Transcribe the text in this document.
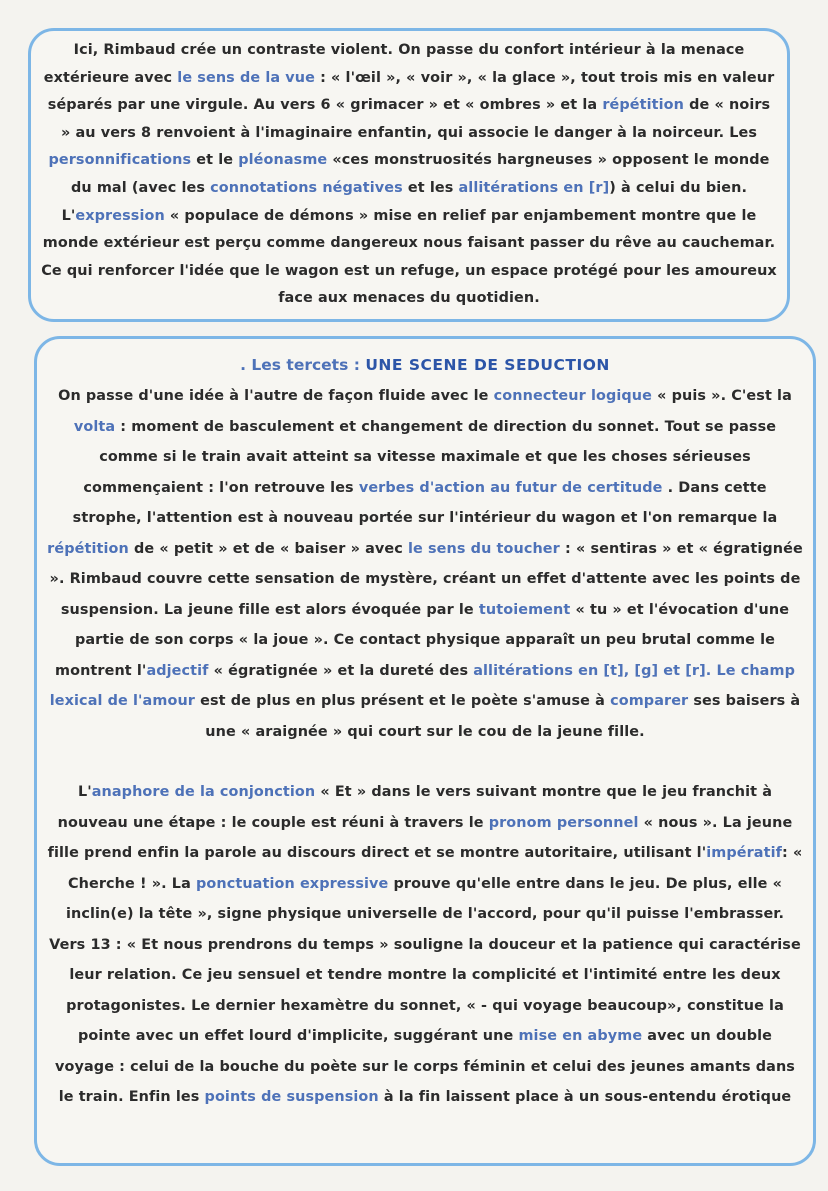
Ici, Rimbaud crée un contraste violent. On passe du confort intérieur à la menace extérieure avec le sens de la vue : « l'œil », « voir », « la glace », tout trois mis en valeur séparés par une virgule. Au vers 6 « grimacer » et « ombres » et la répétition de « noirs » au vers 8 renvoient à l'imaginaire enfantin, qui associe le danger à la noirceur. Les personnifications et le pléonasme «ces monstruosités hargneuses » opposent le monde du mal (avec les connotations négatives et les allitérations en [r]) à celui du bien. L'expression « populace de démons » mise en relief par enjambement montre que le monde extérieur est perçu comme dangereux nous faisant passer du rêve au cauchemar. Ce qui renforcer l'idée que le wagon est un refuge, un espace protégé pour les amoureux face aux menaces du quotidien.

. Les tercets : UNE SCENE DE SEDUCTION

On passe d'une idée à l'autre de façon fluide avec le connecteur logique « puis ». C'est la volta : moment de basculement et changement de direction du sonnet. Tout se passe comme si le train avait atteint sa vitesse maximale et que les choses sérieuses commençaient : l'on retrouve les verbes d'action au futur de certitude . Dans cette strophe, l'attention est à nouveau portée sur l'intérieur du wagon et l'on remarque la répétition de « petit » et de « baiser » avec le sens du toucher : « sentiras » et « égratignée ». Rimbaud couvre cette sensation de mystère, créant un effet d'attente avec les points de suspension. La jeune fille est alors évoquée par le tutoiement « tu » et l'évocation d'une partie de son corps « la joue ». Ce contact physique apparaît un peu brutal comme le montrent l'adjectif « égratignée » et la dureté des allitérations en [t], [g] et [r]. Le champ lexical de l'amour est de plus en plus présent et le poète s'amuse à comparer ses baisers à une « araignée » qui court sur le cou de la jeune fille.

L'anaphore de la conjonction « Et » dans le vers suivant montre que le jeu franchit à nouveau une étape : le couple est réuni à travers le pronom personnel « nous ». La jeune fille prend enfin la parole au discours direct et se montre autoritaire, utilisant l'impératif: « Cherche ! ». La ponctuation expressive prouve qu'elle entre dans le jeu. De plus, elle « inclin(e) la tête », signe physique universelle de l'accord, pour qu'il puisse l'embrasser. Vers 13 : « Et nous prendrons du temps » souligne la douceur et la patience qui caractérise leur relation. Ce jeu sensuel et tendre montre la complicité et l'intimité entre les deux protagonistes. Le dernier hexamètre du sonnet, « - qui voyage beaucoup», constitue la pointe avec un effet lourd d'implicite, suggérant une mise en abyme avec un double voyage : celui de la bouche du poète sur le corps féminin et celui des jeunes amants dans le train. Enfin les points de suspension à la fin laissent place à un sous-entendu érotique
